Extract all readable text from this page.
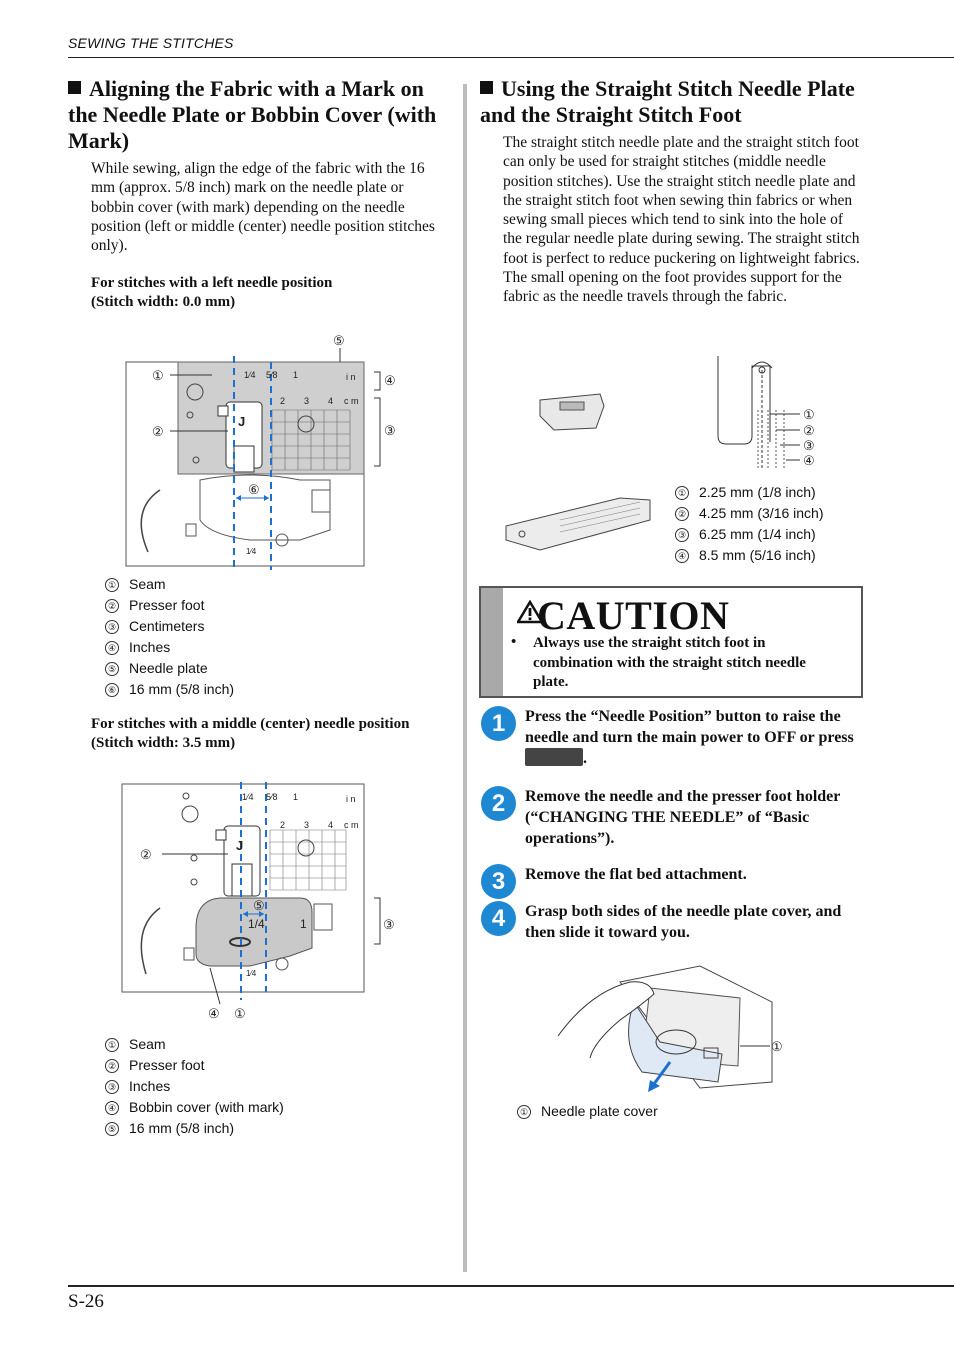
SEWING THE STITCHES
Aligning the Fabric with a Mark on the Needle Plate or Bobbin Cover (with Mark)
While sewing, align the edge of the fabric with the 16 mm (approx. 5/8 inch) mark on the needle plate or bobbin cover (with mark) depending on the needle position (left or middle (center) needle position stitches only).
For stitches with a left needle position
(Stitch width: 0.0 mm)
1⁄4 5⁄8 1	i n
2 3 4 c m
J
1⁄4
①
②	③
④
⑤
⑥
① Seam
② Presser foot
③ Centimeters
④ Inches
⑤ Needle plate
⑥ 16 mm (5/8 inch)
For stitches with a middle (center) needle position
(Stitch width: 3.5 mm)
1⁄4 5⁄8 1	i n
2 3 4 c m
J
1/4	1
1⁄4
①
②
③
④
⑤
① Seam
② Presser foot
③ Inches
④ Bobbin cover (with mark)
⑤ 16 mm (5/8 inch)
Using the Straight Stitch Needle Plate and the Straight Stitch Foot
The straight stitch needle plate and the straight stitch foot can only be used for straight stitches (middle needle position stitches). Use the straight stitch needle plate and the straight stitch foot when sewing thin fabrics or when sewing small pieces which tend to sink into the hole of the regular needle plate during sewing. The straight stitch foot is perfect to reduce puckering on lightweight fabrics. The small opening on the foot provides support for the fabric as the needle travels through the fabric.
①
②
③
④
① 2.25 mm (1/8 inch)
② 4.25 mm (3/16 inch)
③ 6.25 mm (1/4 inch)
④ 8.5 mm (5/16 inch)
CAUTION
• Always use the straight stitch foot in combination with the straight stitch needle plate.
1	Press the “Needle Position” button to raise the needle and turn the main power to OFF or press .
2	Remove the needle and the presser foot holder (“CHANGING THE NEEDLE” of “Basic operations”).
3	Remove the flat bed attachment.
4	Grasp both sides of the needle plate cover, and then slide it toward you.
①
① Needle plate cover
S-26
